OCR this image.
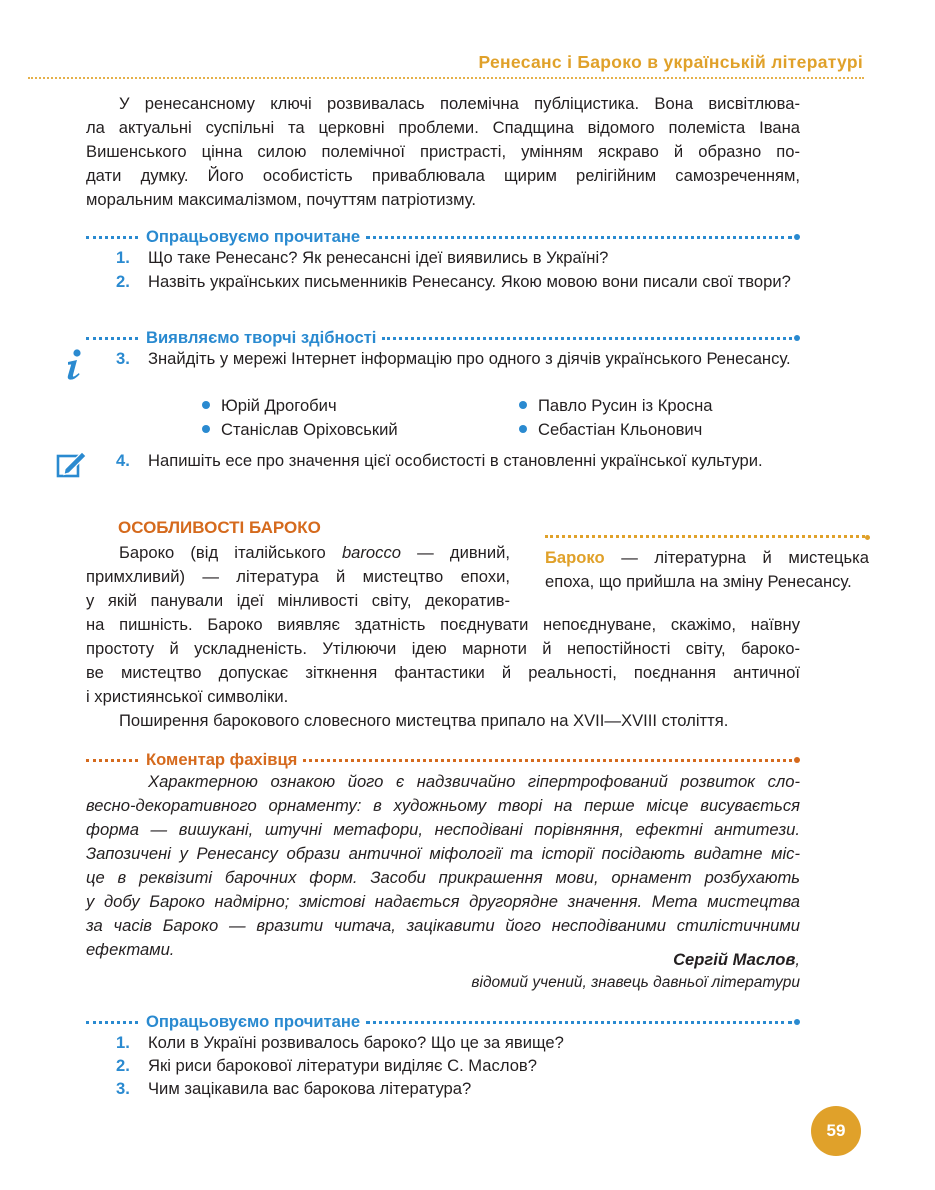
Ренесанс і Бароко в українській літературі

У ренесансному ключі розвивалась полемічна публіцистика. Вона висвітлюва-

ла актуальні суспільні та церковні проблеми. Спадщина відомого полеміста Івана

Вишенського цінна силою полемічної пристрасті, умінням яскраво й образно по-

дати думку. Його особистість приваблювала щирим релігійним самозреченням,

моральним максималізмом, почуттям патріотизму.

Опрацьовуємо прочитане
1.	Що таке Ренесанс? Як ренесансні ідеї виявились в Україні?
2.	Назвіть українських письменників Ренесансу. Якою мовою вони писали свої твори?
Виявляємо творчі здібності
3.	Знайдіть у мережі Інтернет інформацію про одного з діячів українського Ренесансу.
Юрій Дрогобич	Павло Русин із Кросна
Станіслав Оріховський	Себастіан Кльонович
4.	Напишіть есе про значення цієї особистості в становленні української культури.
ОСОБЛИВОСТІ БАРОКО
Бароко — літературна й мистецька епоха, що прийшла на зміну Ренесансу.

Бароко (від італійського barocco — дивний,

примхливий) — література й мистецтво епохи,

у якій панували ідеї мінливості світу, декоратив-

на пишність. Бароко виявляє здатність поєднувати непоєднуване, скажімо, наївну

простоту й ускладненість. Утілюючи ідею марноти й непостійності світу, бароко-

ве мистецтво допускає зіткнення фантастики й реальності, поєднання античної

і християнської символіки.

Поширення барокового словесного мистецтва припало на XVII—XVIII століття.

Коментар фахівця

Характерною ознакою його є надзвичайно гіпертрофований розвиток сло-

весно-декоративного орнаменту: в художньому творі на перше місце висувається

форма — вишукані, штучні метафори, несподівані порівняння, ефектні антитези.

Запозичені у Ренесансу образи античної міфології та історії посідають видатне міс-

це в реквізиті барочних форм. Засоби прикрашення мови, орнамент розбухають

у добу Бароко надмірно; змістові надається другорядне значення. Мета мистецтва

за часів Бароко — вразити читача, зацікавити його несподіваними стилістичними

ефектами.

Сергій Маслов,
відомий учений, знавець давньої літератури
Опрацьовуємо прочитане
1.	Коли в Україні розвивалось бароко? Що це за явище?
2.	Які риси барокової літератури виділяє С. Маслов?
3.	Чим зацікавила вас барокова література?
59
